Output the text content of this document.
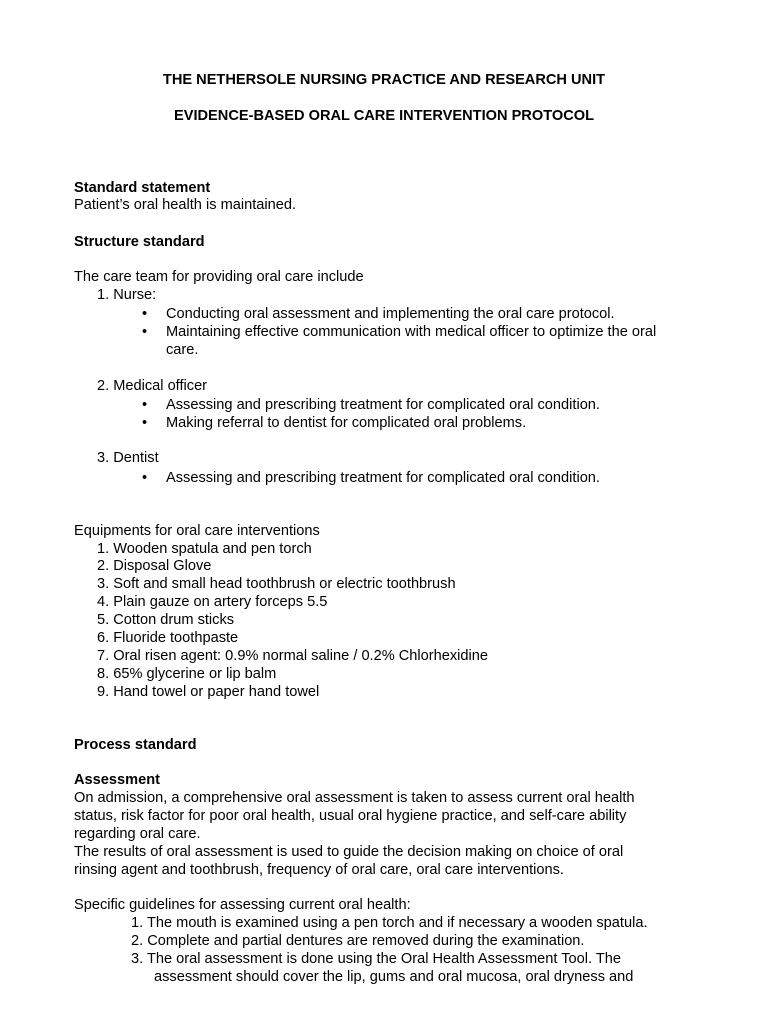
THE NETHERSOLE NURSING PRACTICE AND RESEARCH UNIT
EVIDENCE-BASED ORAL CARE INTERVENTION PROTOCOL
Standard statement
Patient’s oral health is maintained.
Structure standard
The care team for providing oral care include
1. Nurse:
• Conducting oral assessment and implementing the oral care protocol.
• Maintaining effective communication with medical officer to optimize the oral
care.
2. Medical officer
• Assessing and prescribing treatment for complicated oral condition.
• Making referral to dentist for complicated oral problems.
3. Dentist
• Assessing and prescribing treatment for complicated oral condition.
Equipments for oral care interventions
1. Wooden spatula and pen torch
2. Disposal Glove
3. Soft and small head toothbrush or electric toothbrush
4. Plain gauze on artery forceps 5.5
5. Cotton drum sticks
6. Fluoride toothpaste
7. Oral risen agent: 0.9% normal saline / 0.2% Chlorhexidine
8. 65% glycerine or lip balm
9. Hand towel or paper hand towel
Process standard
Assessment
On admission, a comprehensive oral assessment is taken to assess current oral health
status, risk factor for poor oral health, usual oral hygiene practice, and self-care ability
regarding oral care.
The results of oral assessment is used to guide the decision making on choice of oral
rinsing agent and toothbrush, frequency of oral care, oral care interventions.
Specific guidelines for assessing current oral health:
1. The mouth is examined using a pen torch and if necessary a wooden spatula.
2. Complete and partial dentures are removed during the examination.
3. The oral assessment is done using the Oral Health Assessment Tool. The
assessment should cover the lip, gums and oral mucosa, oral dryness and
